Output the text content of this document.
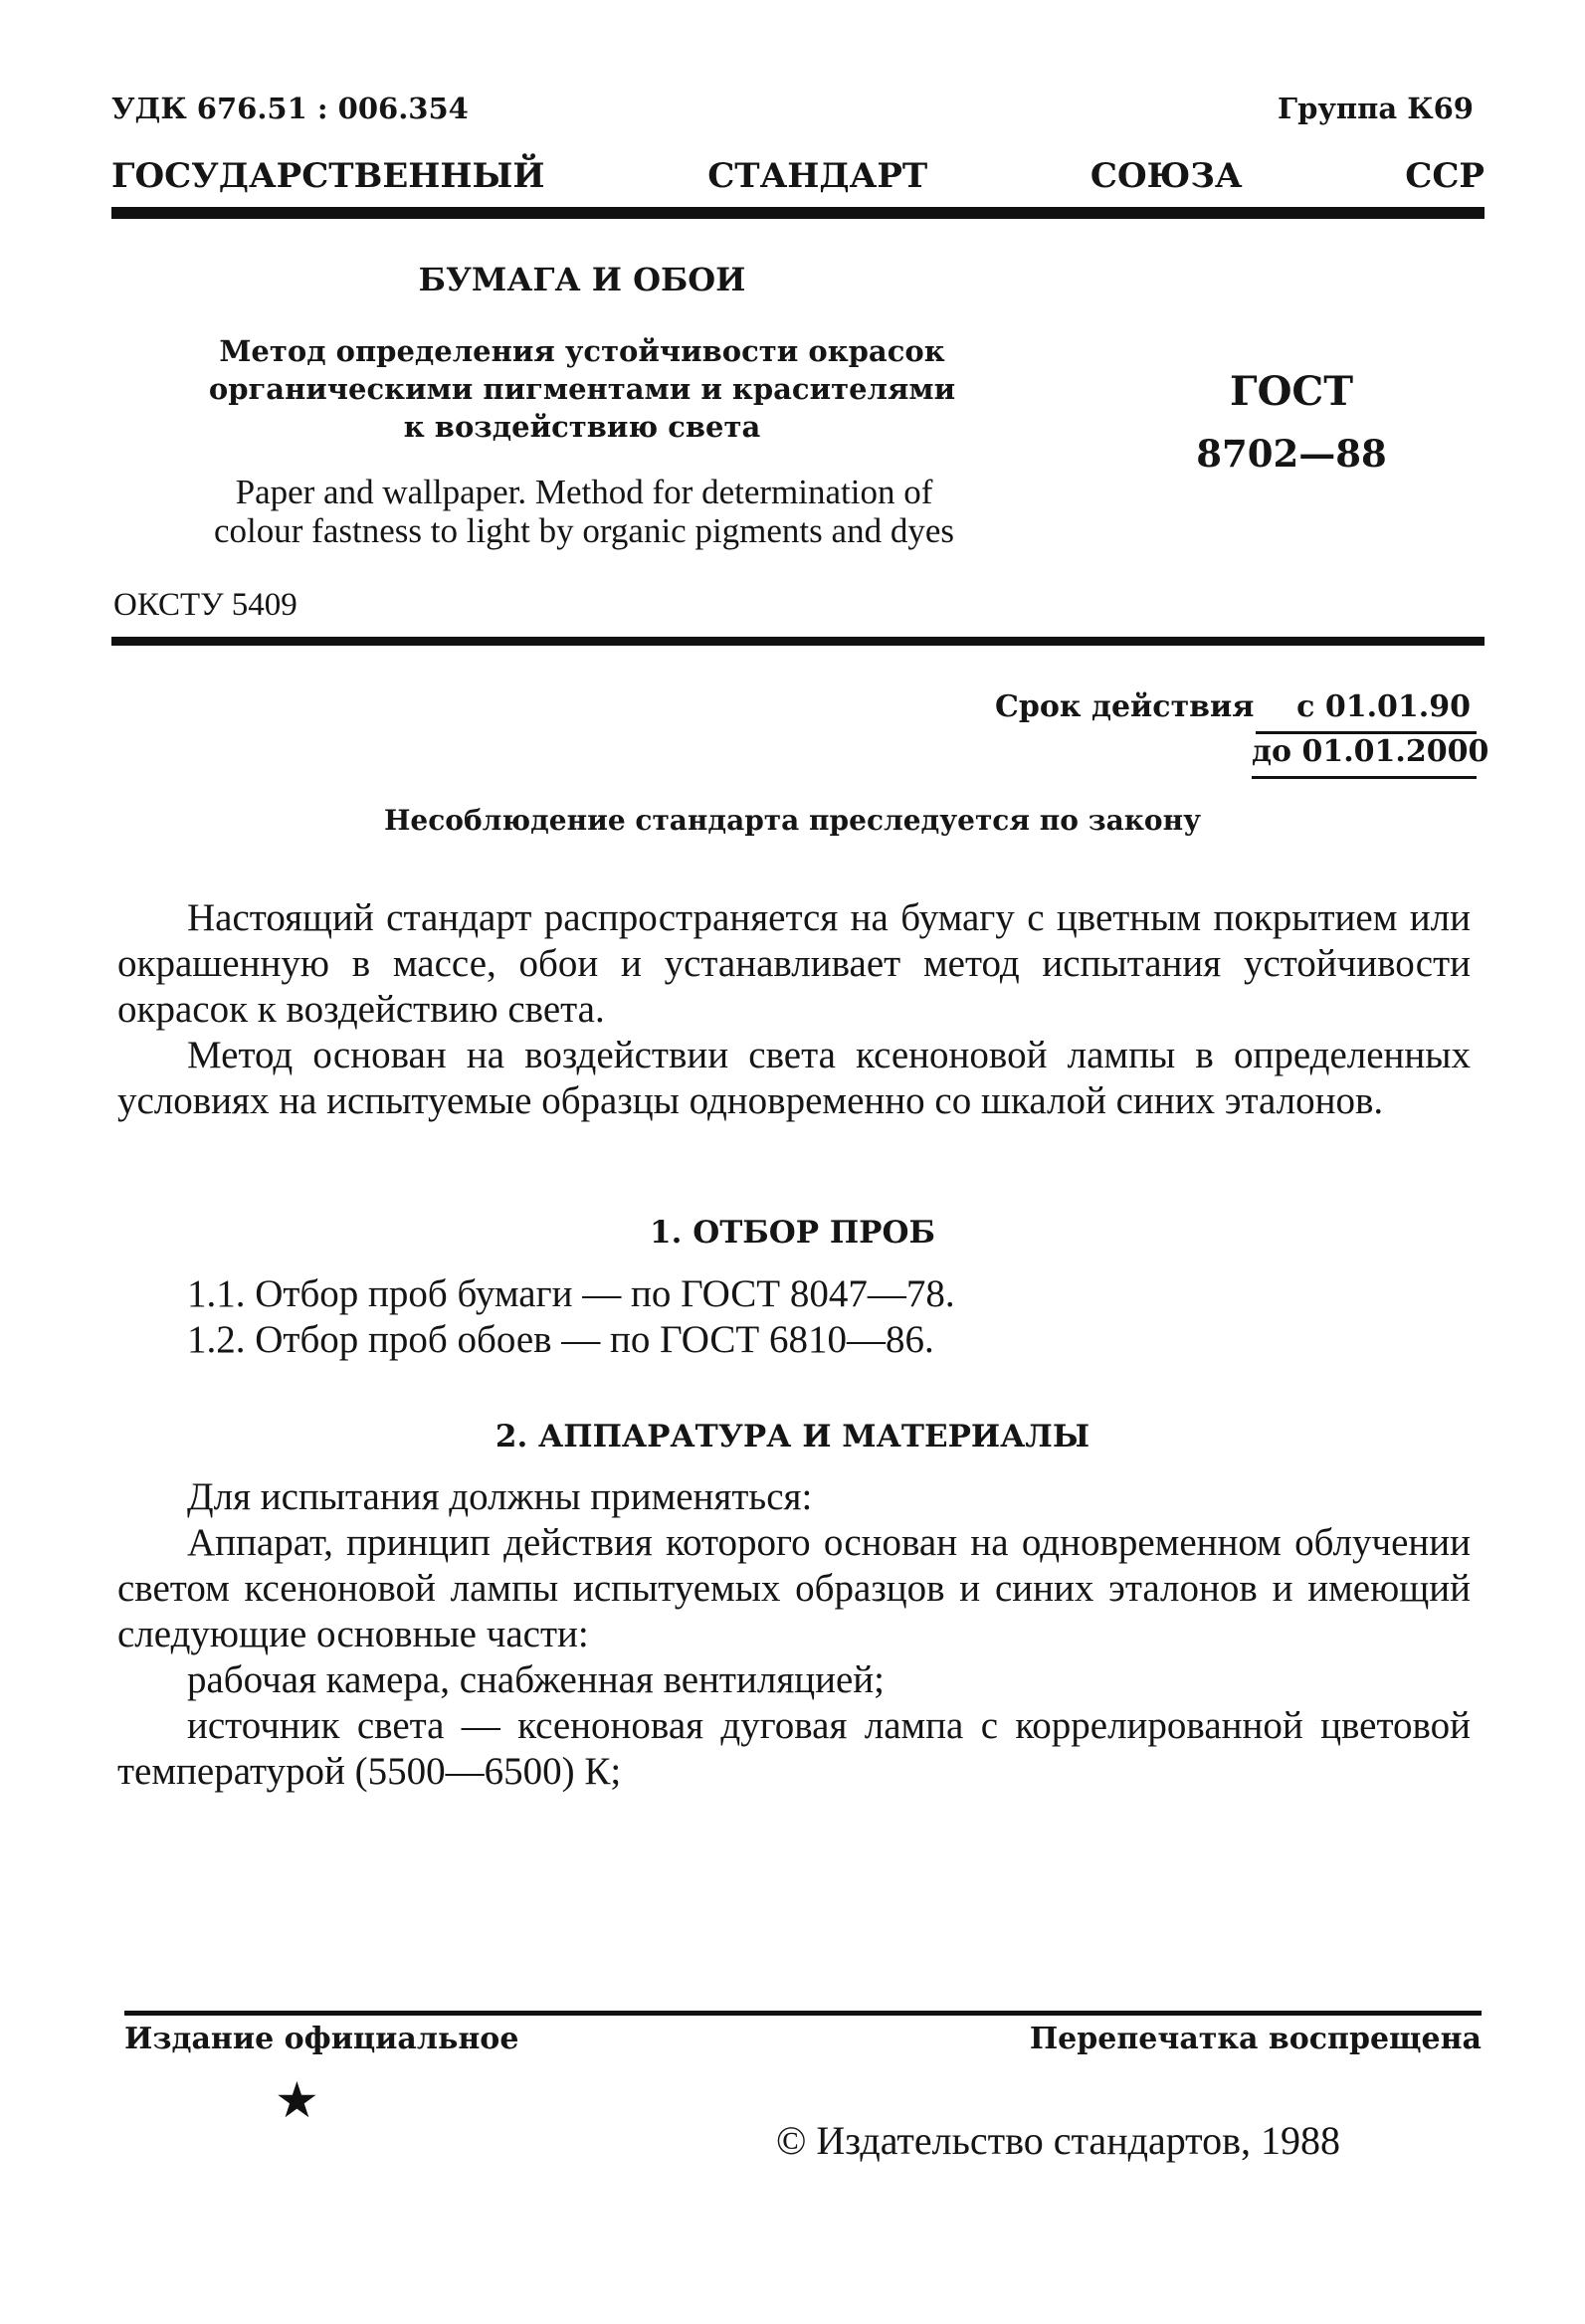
УДК 676.51 : 006.354	Группа К69
ГОСУДАРСТВЕННЫЙ СТАНДАРТ СОЮЗА ССР
БУМАГА И ОБОИ
Метод определения устойчивости окрасок
органическими пигментами и красителями
к воздействию света
Paper and wallpaper. Method for determination of
colour fastness to light by organic pigments and dyes
ГОСТ
8702—88
ОКСТУ 5409
Срок действия	с 01.01.90
до 01.01.2000
Несоблюдение стандарта преследуется по закону

Настоящий стандарт распространяется на бумагу с цветным покрытием или окрашенную в массе, обои и устанавливает метод испытания устойчивости окрасок к воздействию света.

Метод основан на воздействии света ксеноновой лампы в определенных условиях на испытуемые образцы одновременно со шкалой синих эталонов.

1. ОТБОР ПРОБ
1.1. Отбор проб бумаги — по ГОСТ 8047—78.
1.2. Отбор проб обоев — по ГОСТ 6810—86.
2. АППАРАТУРА И МАТЕРИАЛЫ
Для испытания должны применяться:

Аппарат, принцип действия которого основан на одновременном облучении светом ксеноновой лампы испытуемых образцов и синих эталонов и имеющий следующие основные части:

рабочая камера, снабженная вентиляцией;

источник света — ксеноновая дуговая лампа с коррелированной цветовой температурой (5500—6500) К;

Издание официальное	Перепечатка воспрещена
★
© Издательство стандартов, 1988
